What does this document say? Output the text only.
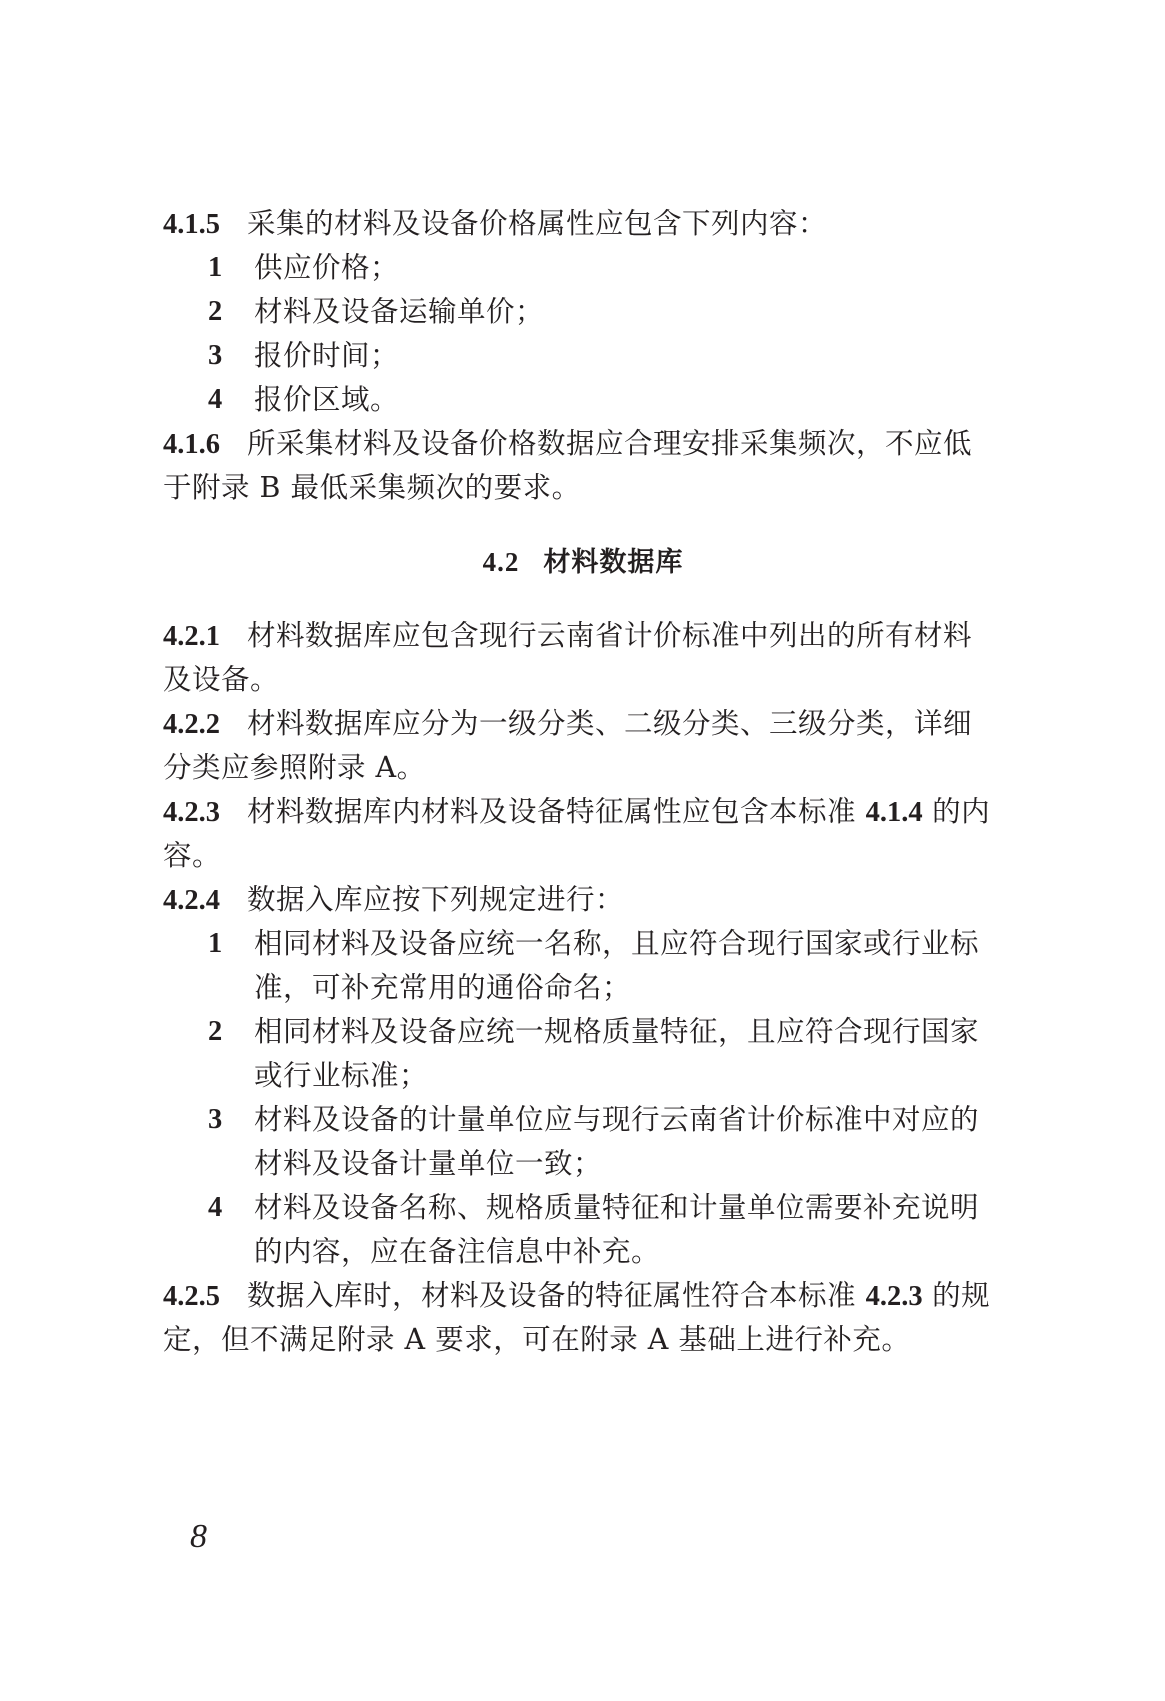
4.1.5 采集的材料及设备价格属性应包含下列内容：
1	供应价格；
2	材料及设备运输单价；
3	报价时间；
4	报价区域。
4.1.6 所采集材料及设备价格数据应合理安排采集频次，不应低
于附录 B 最低采集频次的要求。
4.2 材料数据库
4.2.1 材料数据库应包含现行云南省计价标准中列出的所有材料
及设备。
4.2.2 材料数据库应分为一级分类、二级分类、三级分类，详细
分类应参照附录 A。
4.2.3 材料数据库内材料及设备特征属性应包含本标准 4.1.4 的内
容。
4.2.4 数据入库应按下列规定进行：
1	相同材料及设备应统一名称，且应符合现行国家或行业标
准，可补充常用的通俗命名；
2	相同材料及设备应统一规格质量特征，且应符合现行国家
或行业标准；
3	材料及设备的计量单位应与现行云南省计价标准中对应的
材料及设备计量单位一致；
4	材料及设备名称、规格质量特征和计量单位需要补充说明
的内容，应在备注信息中补充。
4.2.5 数据入库时，材料及设备的特征属性符合本标准 4.2.3 的规
定，但不满足附录 A 要求，可在附录 A 基础上进行补充。
8
